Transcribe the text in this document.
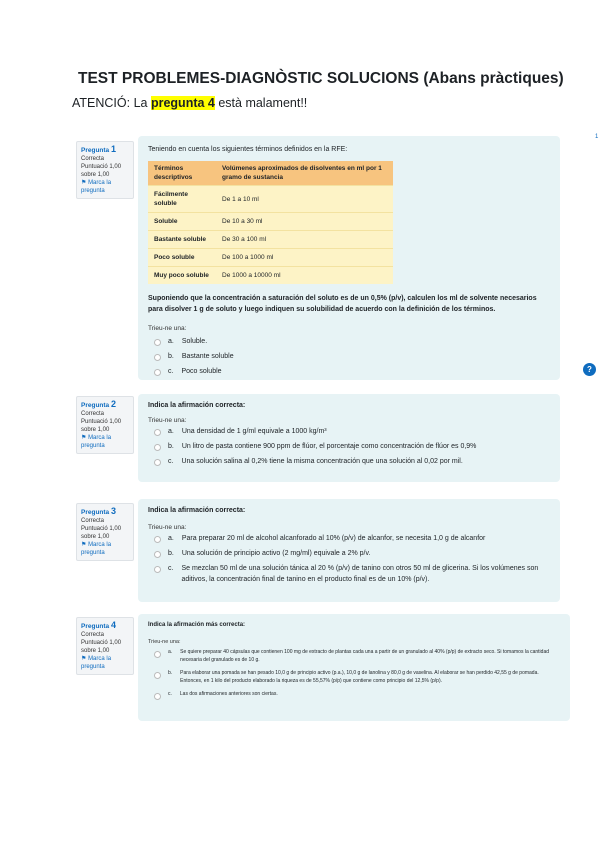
TEST PROBLEMES-DIAGNÒSTIC SOLUCIONS (Abans pràctiques)
ATENCIÓ: La pregunta 4 està malament!!
1
Pregunta 1
Correcta
Puntuació 1,00 sobre 1,00
⚑ Marca la pregunta
Teniendo en cuenta los siguientes términos definidos en la RFE:
Términos descriptivos	Volúmenes aproximados de disolventes en ml por 1 gramo de sustancia
Fácilmente soluble	De 1 a 10 ml
Soluble	De 10 a 30 ml
Bastante soluble	De 30 a 100 ml
Poco soluble	De 100 a 1000 ml
Muy poco soluble	De 1000 a 10000 ml
Suponiendo que la concentración a saturación del soluto es de un 0,5% (p/v), calculen los ml de solvente necesarios para disolver 1 g de soluto y luego indiquen su solubilidad de acuerdo con la definición de los términos.
Trieu-ne una:
a. Soluble.
b. Bastante soluble
c. Poco soluble	?
Pregunta 2
Correcta
Puntuació 1,00 sobre 1,00
⚑ Marca la pregunta
Indica la afirmación correcta:
Trieu-ne una:
a. Una densidad de 1 g/ml equivale a 1000 kg/m³
b. Un litro de pasta contiene 900 ppm de flúor, el porcentaje como concentración de flúor es 0,9%
c. Una solución salina al 0,2% tiene la misma concentración que una solución al 0,02 por mil.
Pregunta 3
Correcta
Puntuació 1,00 sobre 1,00
⚑ Marca la pregunta
Indica la afirmación correcta:
Trieu-ne una:
a. Para preparar 20 ml de alcohol alcanforado al 10% (p/v) de alcanfor, se necesita 1,0 g de alcanfor
b. Una solución de principio activo (2 mg/ml) equivale a 2% p/v.
c. Se mezclan 50 ml de una solución tánica al 20 % (p/v) de tanino con otros 50 ml de glicerina. Si los volúmenes son aditivos, la concentración final de tanino en el producto final es de un 10% (p/v).
Pregunta 4
Correcta
Puntuació 1,00 sobre 1,00
⚑ Marca la pregunta
Indica la afirmación más correcta:
Trieu-ne una:
a. Se quiere preparar 40 cápsulas que contienen 100 mg de extracto de plantas cada una a partir de un granulado al 40% (p/p) de extracto seco. Si tomamos la cantidad necesaria del granulado es de 10 g.
b. Para elaborar una pomada se han pesado 10,0 g de principio activo (p.a.), 10,0 g de lanolina y 80,0 g de vaselina. Al elaborar se han perdido 42,55 g de pomada. Entonces, en 1 kilo del producto elaborado la riqueza es de 55,57% (p/p) que contiene como principio del 12,5% (p/p).
c. Las dos afirmaciones anteriores son ciertas.
